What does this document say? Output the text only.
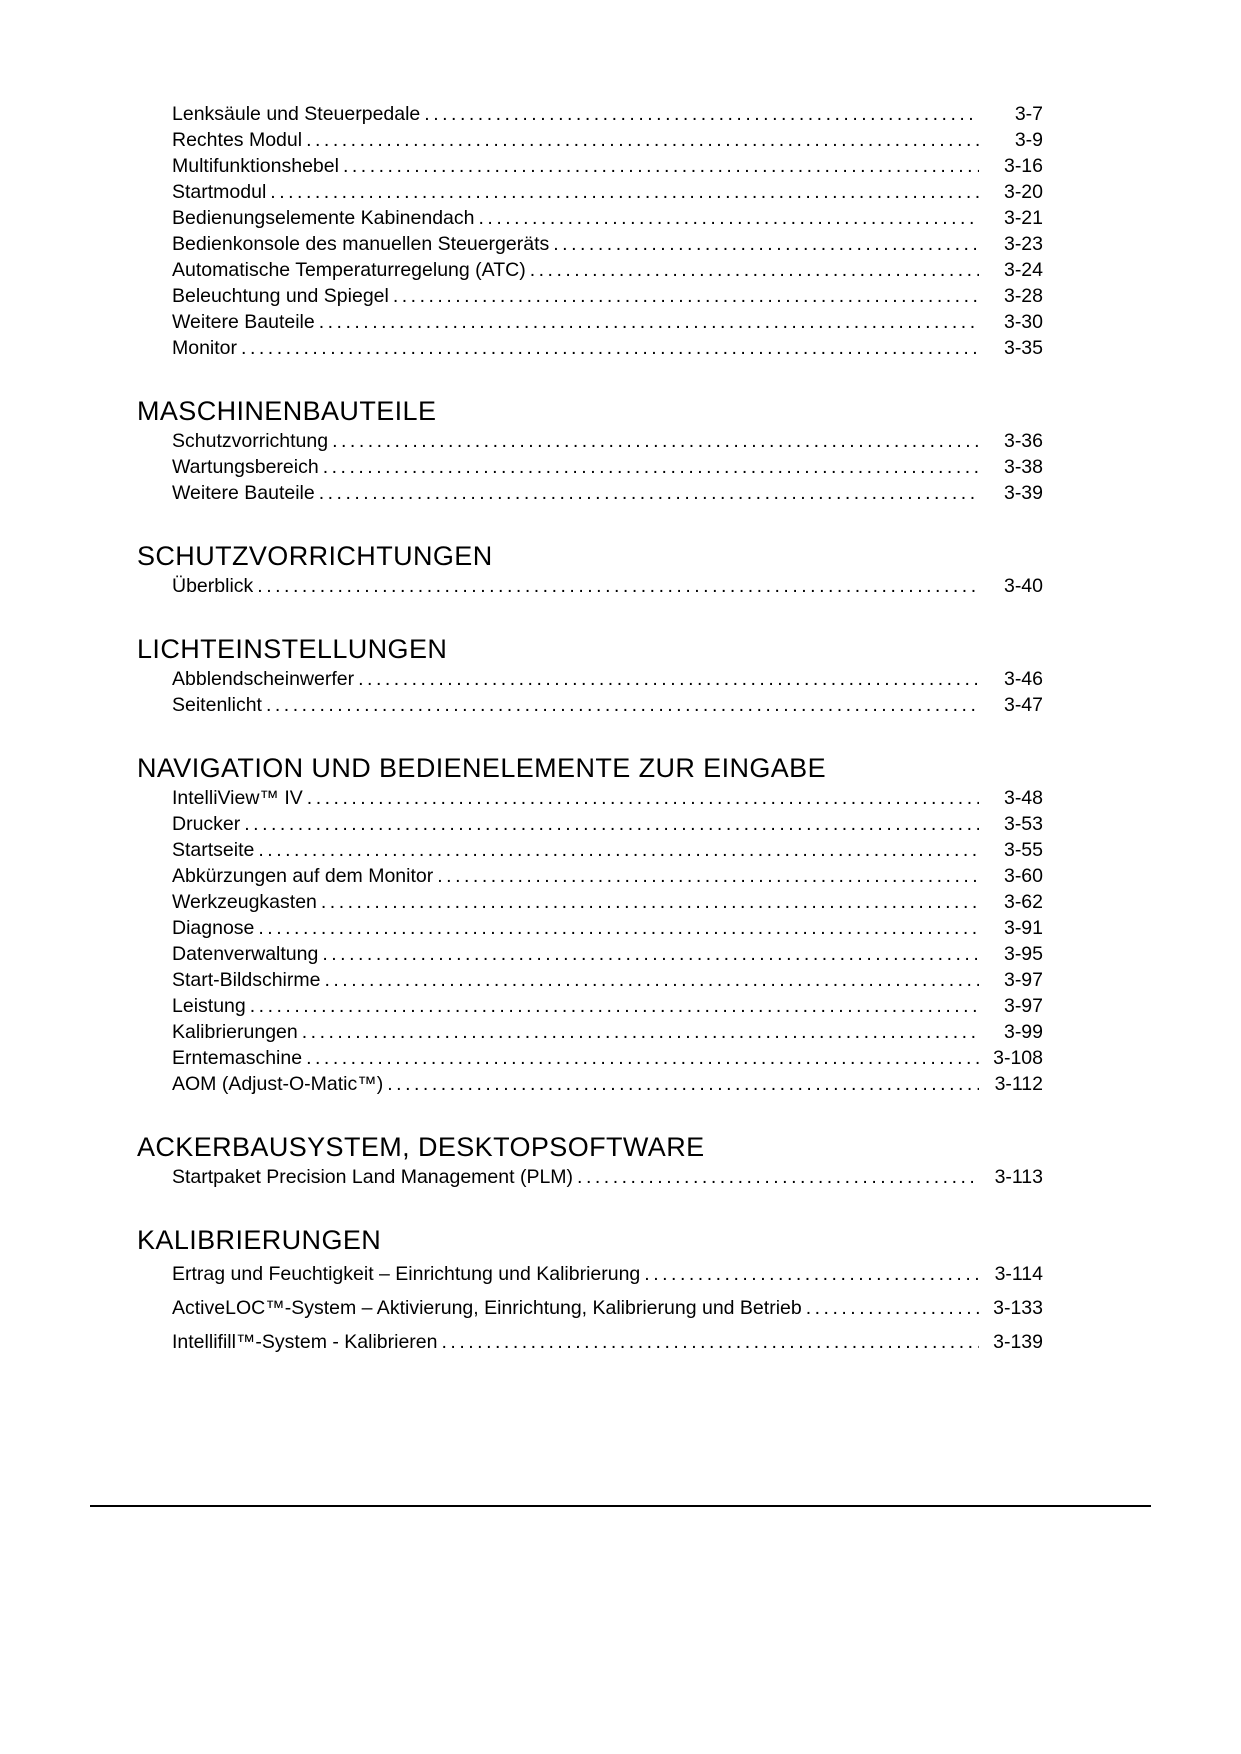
Lenksäule und Steuerpedale .....	3-7
Rechtes Modul .....	3-9
Multifunktionshebel .....	3-16
Startmodul .....	3-20
Bedienungselemente Kabinendach .....	3-21
Bedienkonsole des manuellen Steuergeräts .....	3-23
Automatische Temperaturregelung (ATC) .....	3-24
Beleuchtung und Spiegel .....	3-28
Weitere Bauteile .....	3-30
Monitor .....	3-35
MASCHINENBAUTEILE
Schutzvorrichtung .....	3-36
Wartungsbereich .....	3-38
Weitere Bauteile .....	3-39
SCHUTZVORRICHTUNGEN
Überblick .....	3-40
LICHTEINSTELLUNGEN
Abblendscheinwerfer .....	3-46
Seitenlicht .....	3-47
NAVIGATION UND BEDIENELEMENTE ZUR EINGABE
IntelliView™ IV .....	3-48
Drucker .....	3-53
Startseite .....	3-55
Abkürzungen auf dem Monitor .....	3-60
Werkzeugkasten .....	3-62
Diagnose .....	3-91
Datenverwaltung .....	3-95
Start-Bildschirme .....	3-97
Leistung .....	3-97
Kalibrierungen .....	3-99
Erntemaschine .....	3-108
AOM (Adjust-O-Matic™) .....	3-112
ACKERBAUSYSTEM, DESKTOPSOFTWARE
Startpaket Precision Land Management (PLM) .....	3-113
KALIBRIERUNGEN
Ertrag und Feuchtigkeit – Einrichtung und Kalibrierung .....	3-114
ActiveLOC™-System – Aktivierung, Einrichtung, Kalibrierung und Betrieb .....	3-133
Intellifill™-System - Kalibrieren .....	3-139
